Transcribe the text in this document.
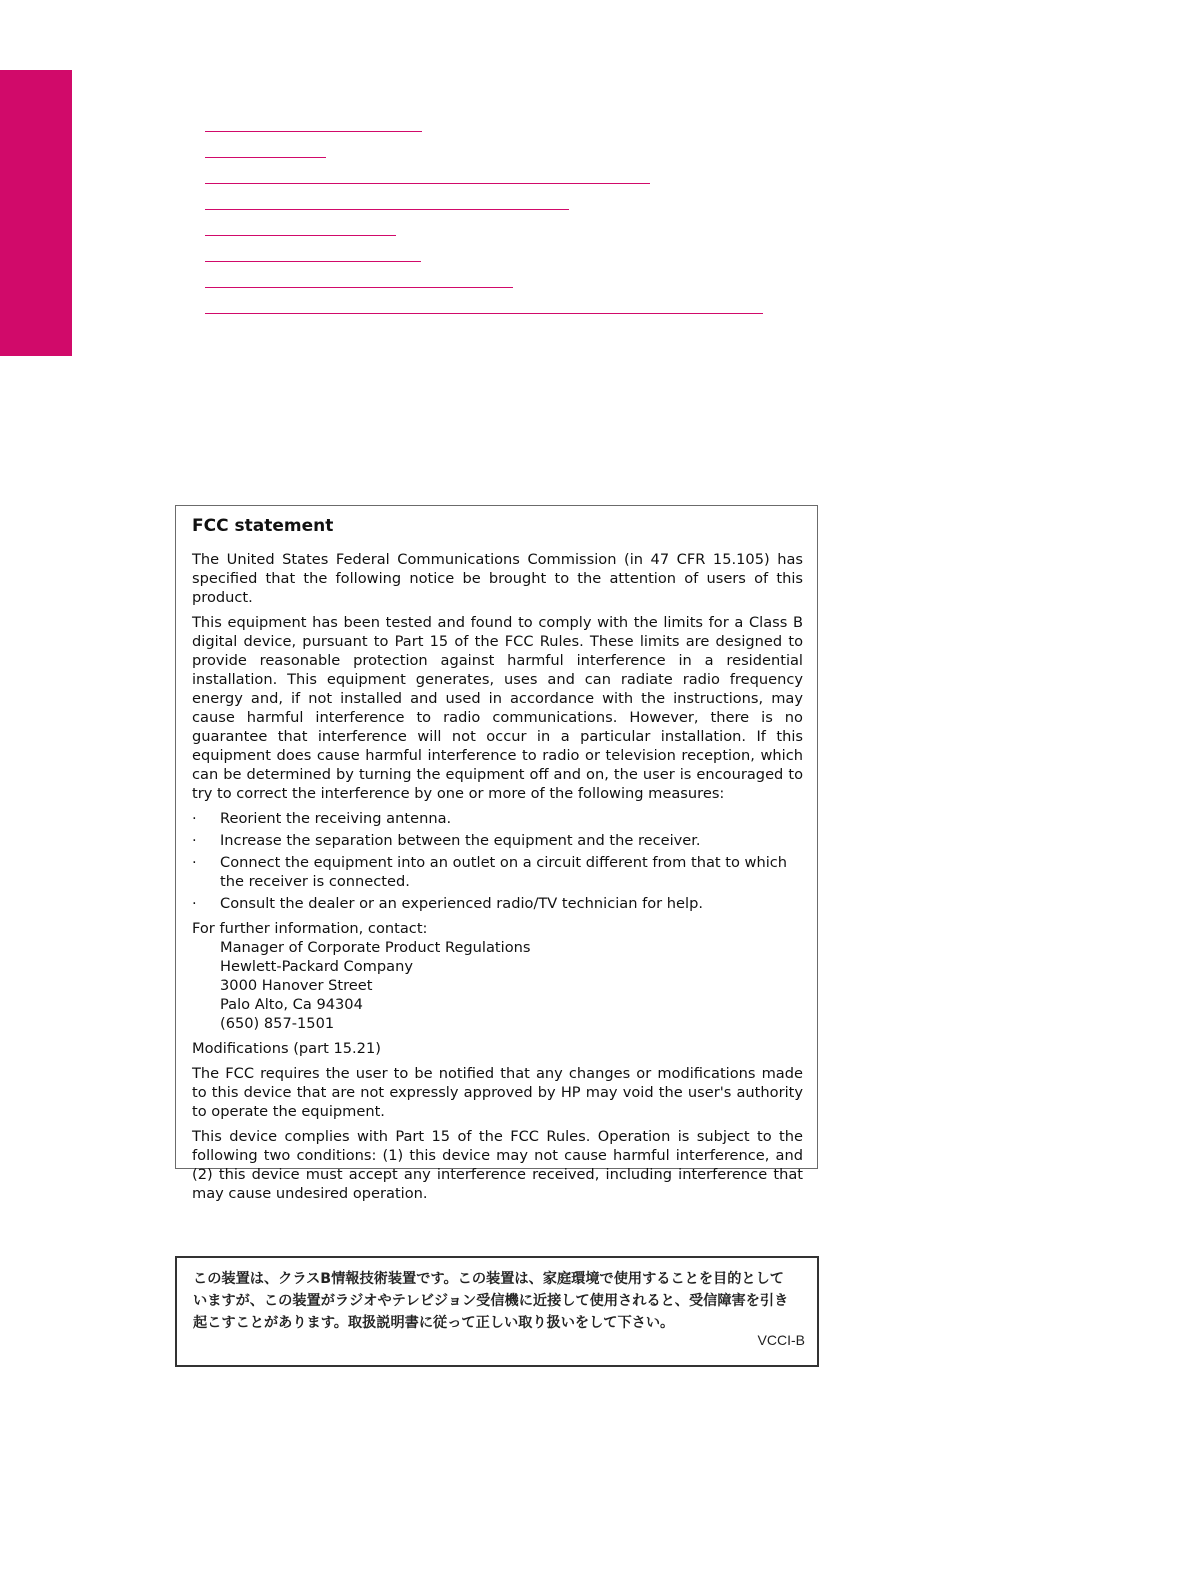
FCC statement

The United States Federal Communications Commission (in 47 CFR 15.105) has specified that the following notice be brought to the attention of users of this product.

This equipment has been tested and found to comply with the limits for a Class B digital device, pursuant to Part 15 of the FCC Rules. These limits are designed to provide reasonable protection against harmful interference in a residential installation. This equipment generates, uses and can radiate radio frequency energy and, if not installed and used in accordance with the instructions, may cause harmful interference to radio communications. However, there is no guarantee that interference will not occur in a particular installation. If this equipment does cause harmful interference to radio or television reception, which can be determined by turning the equipment off and on, the user is encouraged to try to correct the interference by one or more of the following measures:

· Reorient the receiving antenna.
· Increase the separation between the equipment and the receiver.
· Connect the equipment into an outlet on a circuit different from that to which the receiver is connected.
· Consult the dealer or an experienced radio/TV technician for help.
For further information, contact:
Manager of Corporate Product Regulations
Hewlett-Packard Company
3000 Hanover Street
Palo Alto, Ca 94304
(650) 857-1501

Modifications (part 15.21)

The FCC requires the user to be notified that any changes or modifications made to this device that are not expressly approved by HP may void the user's authority to operate the equipment.

This device complies with Part 15 of the FCC Rules. Operation is subject to the following two conditions: (1) this device may not cause harmful interference, and (2) this device must accept any interference received, including interference that may cause undesired operation.

この装置は、クラスB情報技術装置です。この装置は、家庭環境で使用することを目的として
いますが、この装置がラジオやテレビジョン受信機に近接して使用されると、受信障害を引き
起こすことがあります。取扱説明書に従って正しい取り扱いをして下さい。
VCCI-B
